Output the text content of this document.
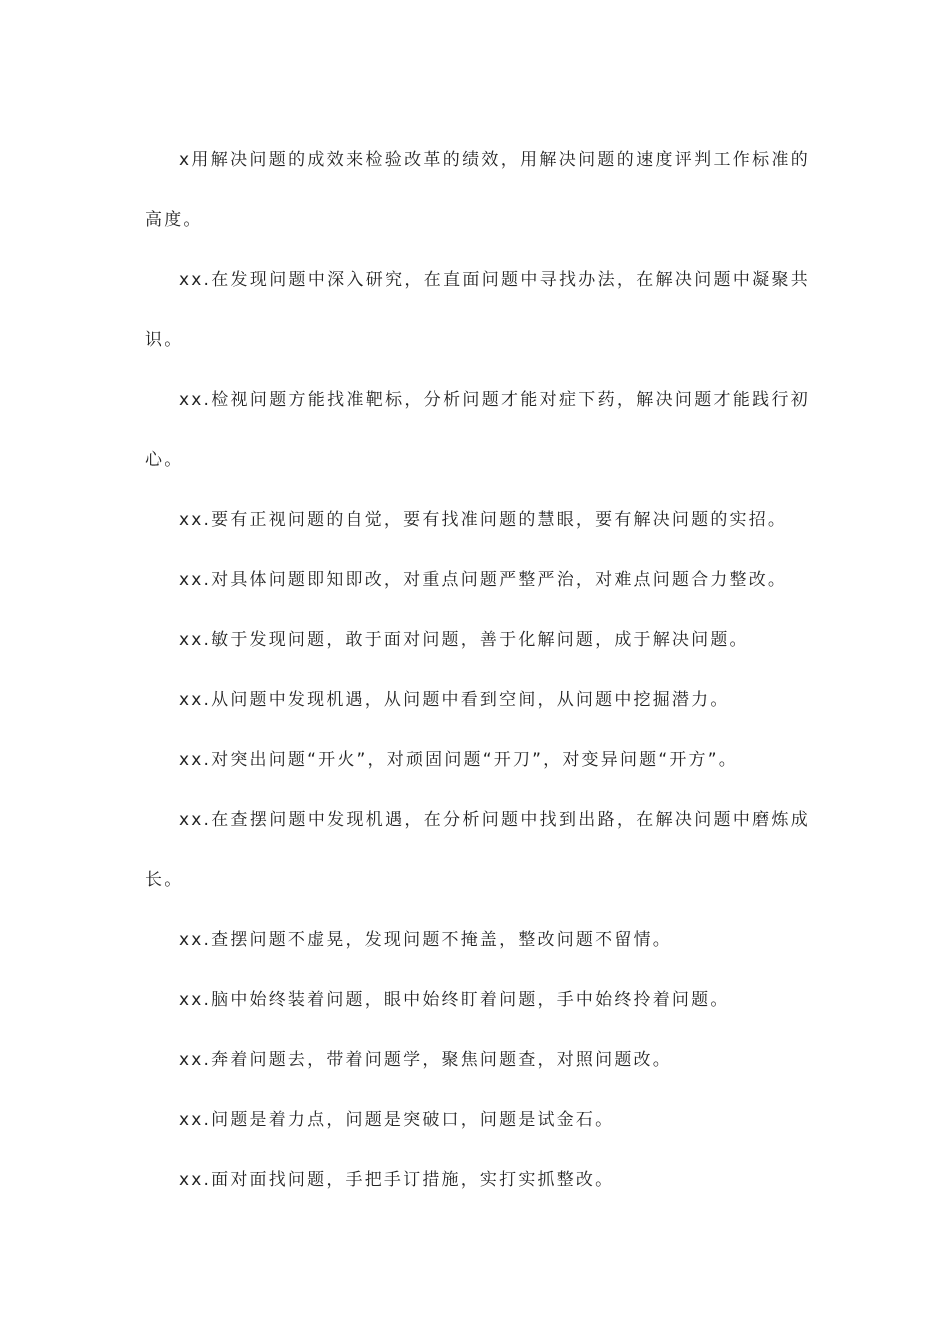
x用解决问题的成效来检验改革的绩效，用解决问题的速度评判工作标准的高度。

xx.在发现问题中深入研究，在直面问题中寻找办法，在解决问题中凝聚共识。

xx.检视问题方能找准靶标，分析问题才能对症下药，解决问题才能践行初心。

xx.要有正视问题的自觉，要有找准问题的慧眼，要有解决问题的实招。

xx.对具体问题即知即改，对重点问题严整严治，对难点问题合力整改。

xx.敏于发现问题，敢于面对问题，善于化解问题，成于解决问题。

xx.从问题中发现机遇，从问题中看到空间，从问题中挖掘潜力。

xx.对突出问题“开火”，对顽固问题“开刀”，对变异问题“开方”。

xx.在查摆问题中发现机遇，在分析问题中找到出路，在解决问题中磨炼成长。

xx.查摆问题不虚晃，发现问题不掩盖，整改问题不留情。

xx.脑中始终装着问题，眼中始终盯着问题，手中始终拎着问题。

xx.奔着问题去，带着问题学，聚焦问题查，对照问题改。

xx.问题是着力点，问题是突破口，问题是试金石。

xx.面对面找问题，手把手订措施，实打实抓整改。
